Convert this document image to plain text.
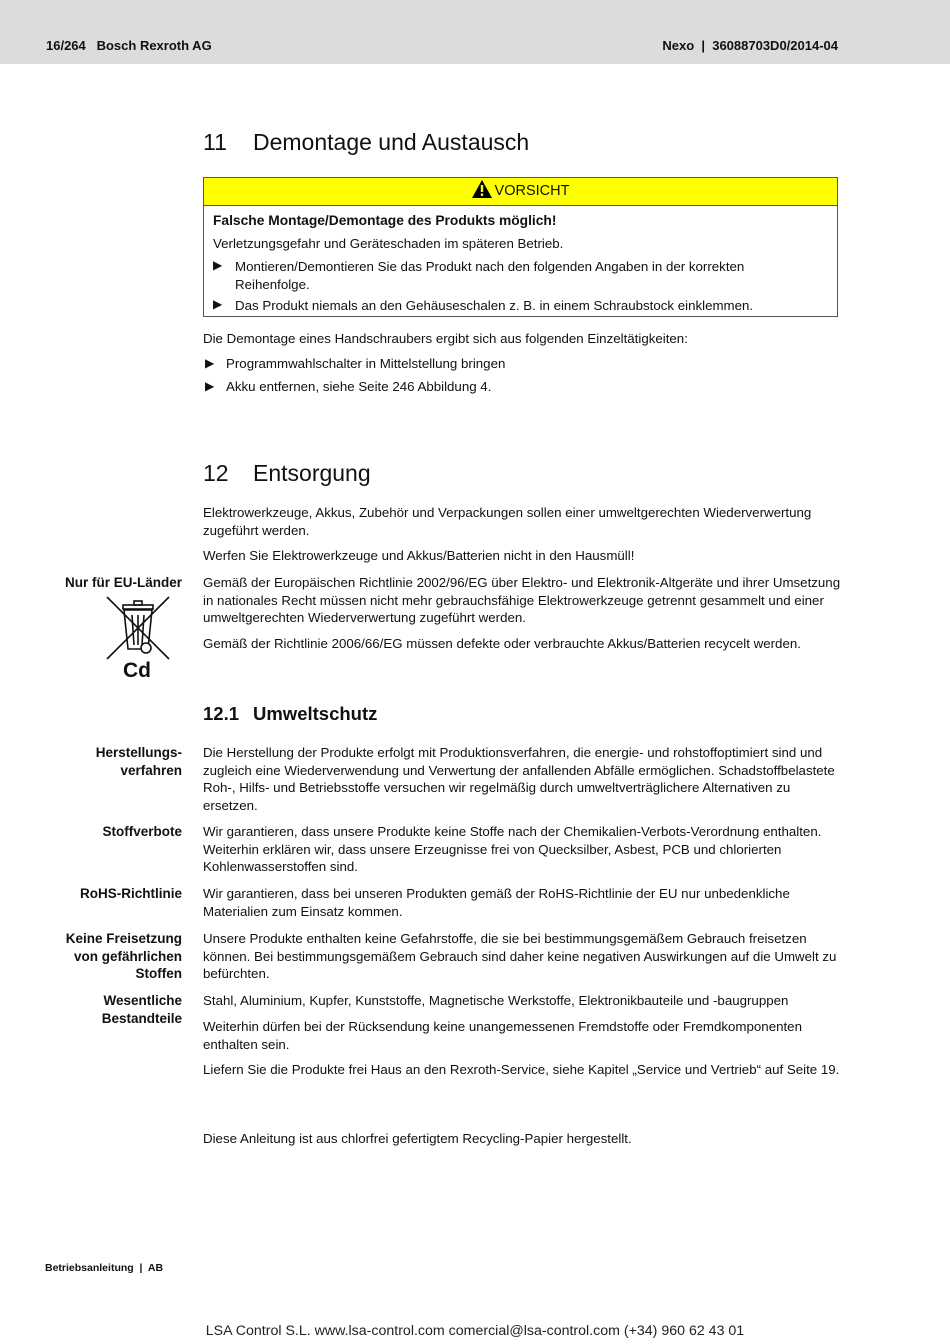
16/264   Bosch Rexroth AG	Nexo  |  36088703D0/2014-04
11 Demontage und Austausch
VORSICHT
Falsche Montage/Demontage des Produkts möglich!
Verletzungsgefahr und Geräteschaden im späteren Betrieb.
▶ Montieren/Demontieren Sie das Produkt nach den folgenden Angaben in der korrekten Reihenfolge.
▶ Das Produkt niemals an den Gehäuseschalen z. B. in einem Schraubstock einklemmen.

Die Demontage eines Handschraubers ergibt sich aus folgenden Einzeltätigkeiten:

▶ Programmwahlschalter in Mittelstellung bringen
▶ Akku entfernen, siehe Seite 246 Abbildung 4.
12 Entsorgung

Elektrowerkzeuge, Akkus, Zubehör und Verpackungen sollen einer umweltgerechten Wiederverwertung zugeführt werden.

Werfen Sie Elektrowerkzeuge und Akkus/Batterien nicht in den Hausmüll!

Nur für EU-Länder Gemäß der Europäischen Richtlinie 2002/96/EG über Elektro- und Elektronik-Altgeräte und ihrer Umsetzung in nationales Recht müssen nicht mehr gebrauchsfähige Elektrowerkzeuge getrennt gesammelt und einer umweltgerechten Wiederverwertung zugeführt werden.

Gemäß der Richtlinie 2006/66/EG müssen defekte oder verbrauchte Akkus/Batterien recycelt werden.

Cd
12.1 Umweltschutz
Herstellungs-
verfahren

Die Herstellung der Produkte erfolgt mit Produktionsverfahren, die energie- und rohstoffoptimiert sind und zugleich eine Wiederverwendung und Verwertung der anfallenden Abfälle ermöglichen. Schadstoffbelastete Roh-, Hilfs- und Betriebsstoffe versuchen wir regelmäßig durch umweltverträglichere Alternativen zu ersetzen.

Stoffverbote Wir garantieren, dass unsere Produkte keine Stoffe nach der Chemikalien-Verbots-Verordnung enthalten. Weiterhin erklären wir, dass unsere Erzeugnisse frei von Quecksilber, Asbest, PCB und chlorierten Kohlenwasserstoffen sind.

RoHS-Richtlinie Wir garantieren, dass bei unseren Produkten gemäß der RoHS-Richtlinie der EU nur unbedenkliche Materialien zum Einsatz kommen.

Keine Freisetzung
von gefährlichen
Stoffen

Unsere Produkte enthalten keine Gefahrstoffe, die sie bei bestimmungsgemäßem Gebrauch freisetzen können. Bei bestimmungsgemäßem Gebrauch sind daher keine negativen Auswirkungen auf die Umwelt zu befürchten.

Wesentliche
Bestandteile

Stahl, Aluminium, Kupfer, Kunststoffe, Magnetische Werkstoffe, Elektronikbauteile und -baugruppen

Weiterhin dürfen bei der Rücksendung keine unangemessenen Fremdstoffe oder Fremdkomponenten enthalten sein.

Liefern Sie die Produkte frei Haus an den Rexroth-Service, siehe Kapitel „Service und Vertrieb“ auf Seite 19.

Diese Anleitung ist aus chlorfrei gefertigtem Recycling-Papier hergestellt.

Betriebsanleitung  |  AB
LSA Control S.L. www.lsa-control.com comercial@lsa-control.com (+34) 960 62 43 01
